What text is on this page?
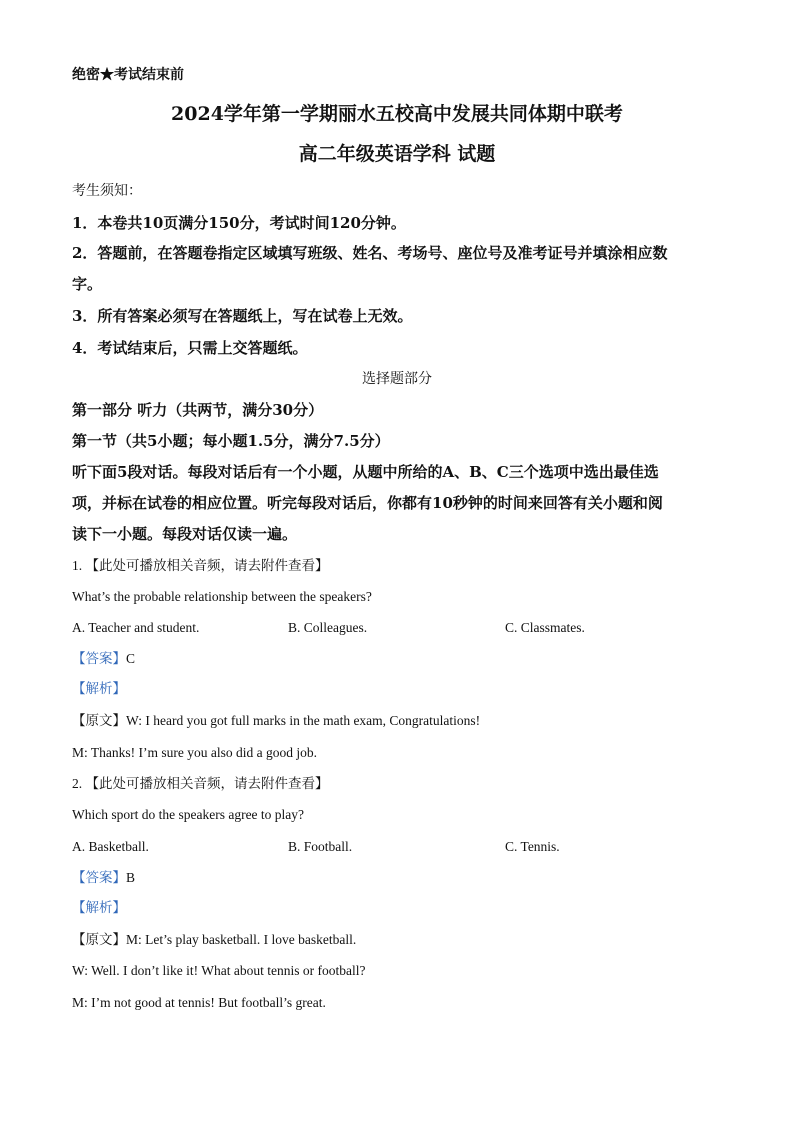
绝密★考试结束前
2024学年第一学期丽水五校高中发展共同体期中联考
高二年级英语学科 试题
考生须知：
1．本卷共10页满分150分，考试时间120分钟。
2．答题前，在答题卷指定区域填写班级、姓名、考场号、座位号及准考证号并填涂相应数
字。
3．所有答案必须写在答题纸上，写在试卷上无效。
4．考试结束后，只需上交答题纸。
选择题部分
第一部分 听力（共两节，满分30分）
第一节（共5小题；每小题1.5分，满分7.5分）
听下面5段对话。每段对话后有一个小题，从题中所给的A、B、C三个选项中选出最佳选
项，并标在试卷的相应位置。听完每段对话后，你都有10秒钟的时间来回答有关小题和阅
读下一小题。每段对话仅读一遍。
1. 【此处可播放相关音频，请去附件查看】
What’s the probable relationship between the speakers?
A. Teacher and student.	B. Colleagues.	C. Classmates.
【答案】C
【解析】
【原文】W: I heard you got full marks in the math exam, Congratulations!
M: Thanks! I’m sure you also did a good job.
2. 【此处可播放相关音频，请去附件查看】
Which sport do the speakers agree to play?
A. Basketball.	B. Football.	C. Tennis.
【答案】B
【解析】
【原文】M: Let’s play basketball. I love basketball.
W: Well. I don’t like it! What about tennis or football?
M: I’m not good at tennis! But football’s great.
